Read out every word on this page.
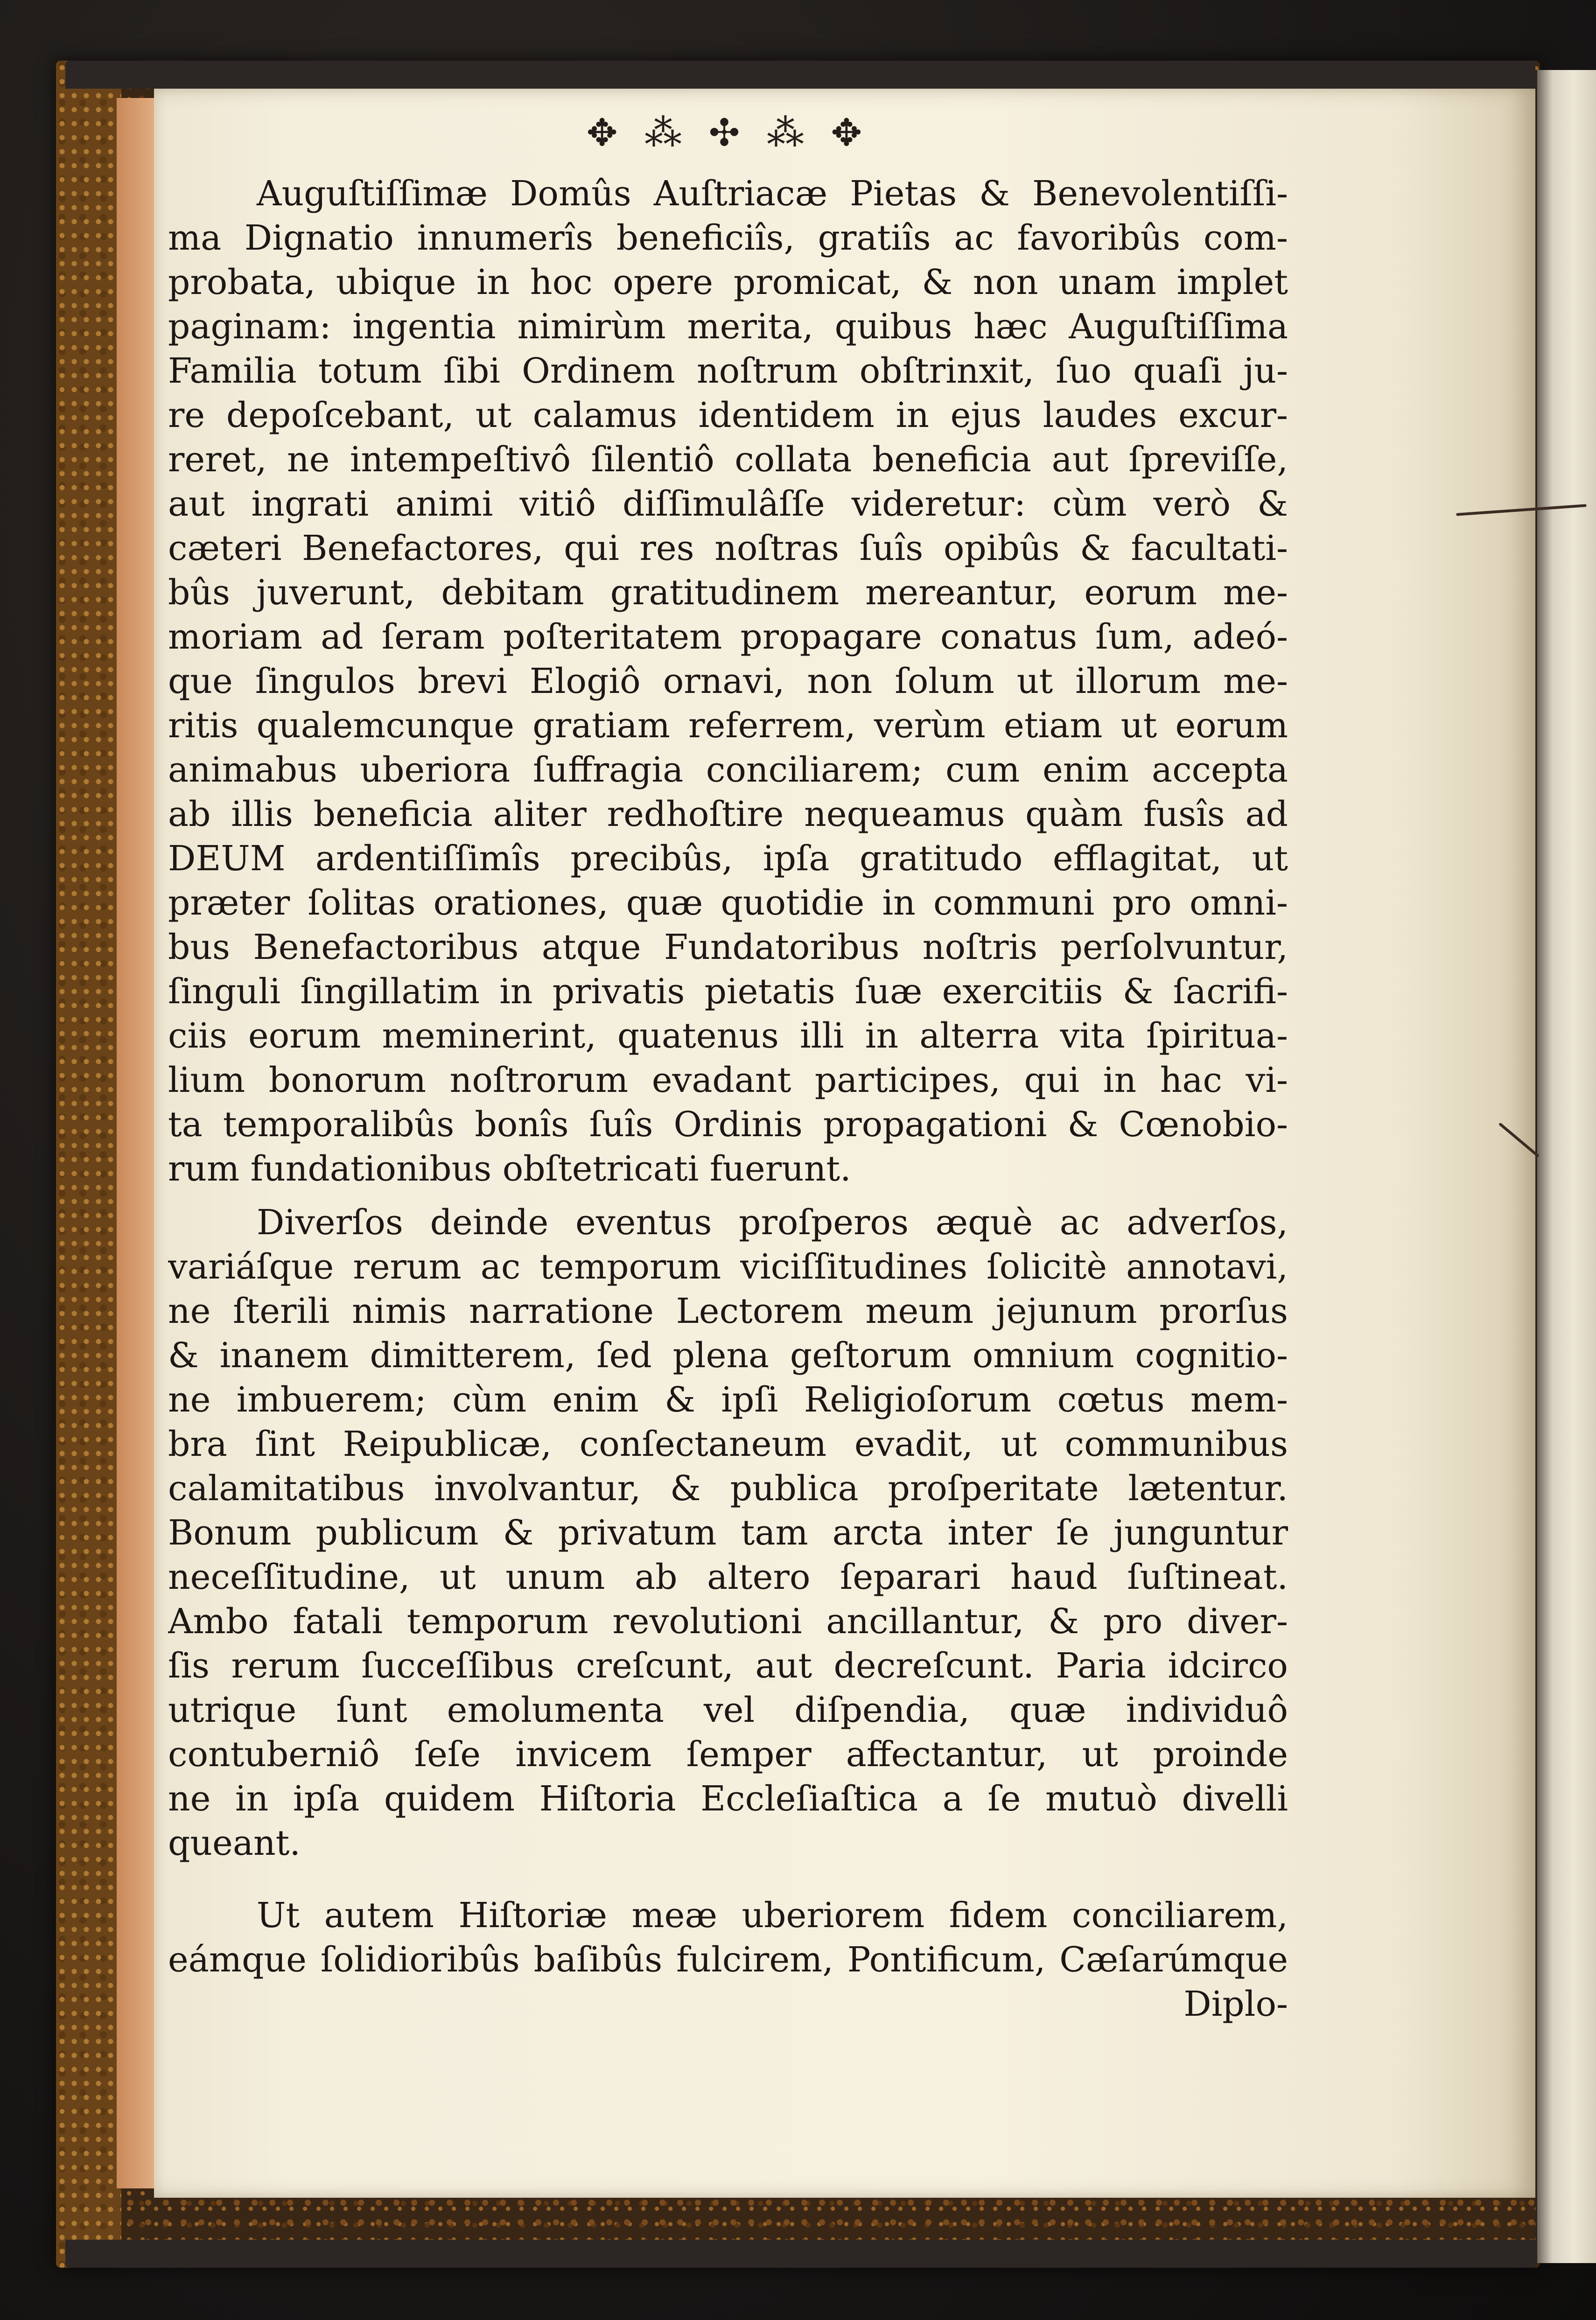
✥ ⁂ ✣ ⁂ ✥
Auguſtiſſimæ Domûs Auſtriacæ Pietas & Benevolentiſſi-
ma Dignatio innumerîs beneficiîs, gratiîs ac favoribûs com-
probata, ubique in hoc opere promicat, & non unam implet
paginam: ingentia nimirùm merita, quibus hæc Auguſtiſſima
Familia totum ſibi Ordinem noſtrum obſtrinxit, ſuo quaſi ju-
re depoſcebant, ut calamus identidem in ejus laudes excur-
reret, ne intempeſtivô ſilentiô collata beneficia aut ſpreviſſe,
aut ingrati animi vitiô diſſimulâſſe videretur: cùm verò &
cæteri Benefactores, qui res noſtras ſuîs opibûs & facultati-
bûs juverunt, debitam gratitudinem mereantur, eorum me-
moriam ad ſeram poſteritatem propagare conatus ſum, adeó-
que ſingulos brevi Elogiô ornavi, non ſolum ut illorum me-
ritis qualemcunque gratiam referrem, verùm etiam ut eorum
animabus uberiora ſuffragia conciliarem; cum enim accepta
ab illis beneficia aliter redhoſtire nequeamus quàm fusîs ad
DEUM ardentiſſimîs precibûs, ipſa gratitudo efflagitat, ut
præter ſolitas orationes, quæ quotidie in communi pro omni-
bus Benefactoribus atque Fundatoribus noſtris perſolvuntur,
ſinguli ſingillatim in privatis pietatis ſuæ exercitiis & ſacrifi-
ciis eorum meminerint, quatenus illi in alterra vita ſpiritua-
lium bonorum noſtrorum evadant participes, qui in hac vi-
ta temporalibûs bonîs ſuîs Ordinis propagationi & Cœnobio-
rum fundationibus obſtetricati fuerunt.
Diverſos deinde eventus proſperos æquè ac adverſos,
variáſque rerum ac temporum viciſſitudines ſolicitè annotavi,
ne ſterili nimis narratione Lectorem meum jejunum prorſus
& inanem dimitterem, ſed plena geſtorum omnium cognitio-
ne imbuerem; cùm enim & ipſi Religioſorum cœtus mem-
bra ſint Reipublicæ, conſectaneum evadit, ut communibus
calamitatibus involvantur, & publica proſperitate lætentur.
Bonum publicum & privatum tam arcta inter ſe junguntur
neceſſitudine, ut unum ab altero ſeparari haud ſuſtineat.
Ambo fatali temporum revolutioni ancillantur, & pro diver-
ſis rerum ſucceſſibus creſcunt, aut decreſcunt. Paria idcirco
utrique ſunt emolumenta vel diſpendia, quæ individuô
contuberniô ſeſe invicem ſemper affectantur, ut proinde
ne in ipſa quidem Hiſtoria Eccleſiaſtica a ſe mutuò divelli
queant.
Ut autem Hiſtoriæ meæ uberiorem fidem conciliarem,
eámque ſolidioribûs baſibûs fulcirem, Pontificum, Cæſarúmque
Diplo-
